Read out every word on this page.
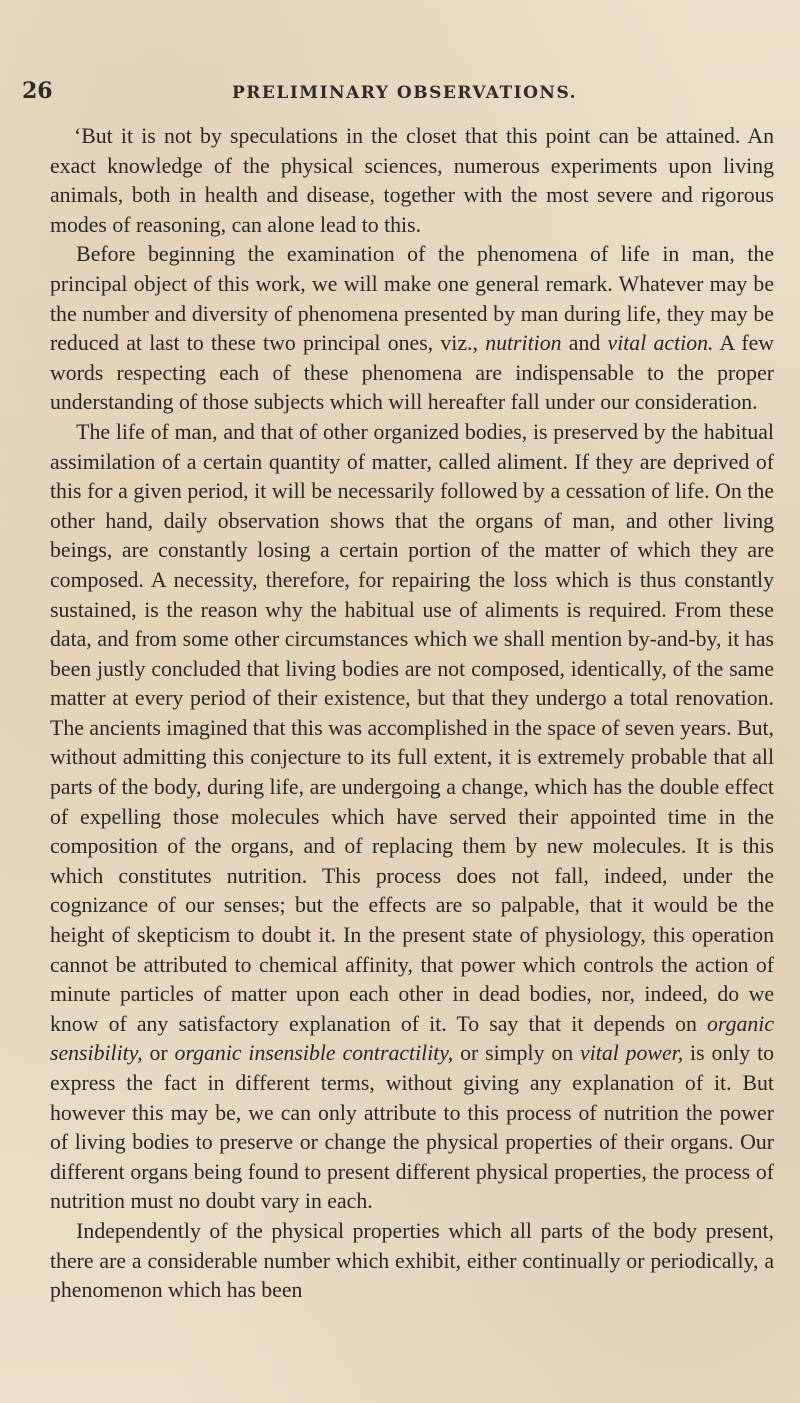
26	PRELIMINARY OBSERVATIONS.

‘But it is not by speculations in the closet that this point can be attained. An exact knowledge of the physical sciences, numerous experiments upon living animals, both in health and disease, together with the most severe and rigorous modes of reasoning, can alone lead to this.

Before beginning the examination of the phenomena of life in man, the principal object of this work, we will make one general remark. Whatever may be the number and diversity of phenomena presented by man during life, they may be reduced at last to these two principal ones, viz., nutrition and vital action. A few words respecting each of these phenomena are indispensable to the proper understanding of those subjects which will hereafter fall under our consideration.

The life of man, and that of other organized bodies, is preserved by the habitual assimilation of a certain quantity of matter, called aliment. If they are deprived of this for a given period, it will be necessarily followed by a cessation of life. On the other hand, daily observation shows that the organs of man, and other living beings, are constantly losing a certain portion of the matter of which they are composed. A necessity, therefore, for repairing the loss which is thus constantly sustained, is the reason why the habitual use of aliments is required. From these data, and from some other circumstances which we shall mention by-and-by, it has been justly concluded that living bodies are not composed, identically, of the same matter at every period of their existence, but that they undergo a total renovation. The ancients imagined that this was accomplished in the space of seven years. But, without admitting this conjecture to its full extent, it is extremely probable that all parts of the body, during life, are undergoing a change, which has the double effect of expelling those molecules which have served their appointed time in the composition of the organs, and of replacing them by new molecules. It is this which constitutes nutrition. This process does not fall, indeed, under the cognizance of our senses; but the effects are so palpable, that it would be the height of skepticism to doubt it. In the present state of physiology, this operation cannot be attributed to chemical affinity, that power which controls the action of minute particles of matter upon each other in dead bodies, nor, indeed, do we know of any satisfactory explanation of it. To say that it depends on organic sensibility, or organic insensible contractility, or simply on vital power, is only to express the fact in different terms, without giving any explanation of it. But however this may be, we can only attribute to this process of nutrition the power of living bodies to preserve or change the physical properties of their organs. Our different organs being found to present different physical properties, the process of nutrition must no doubt vary in each.

Independently of the physical properties which all parts of the body present, there are a considerable number which exhibit, either continually or periodically, a phenomenon which has been
